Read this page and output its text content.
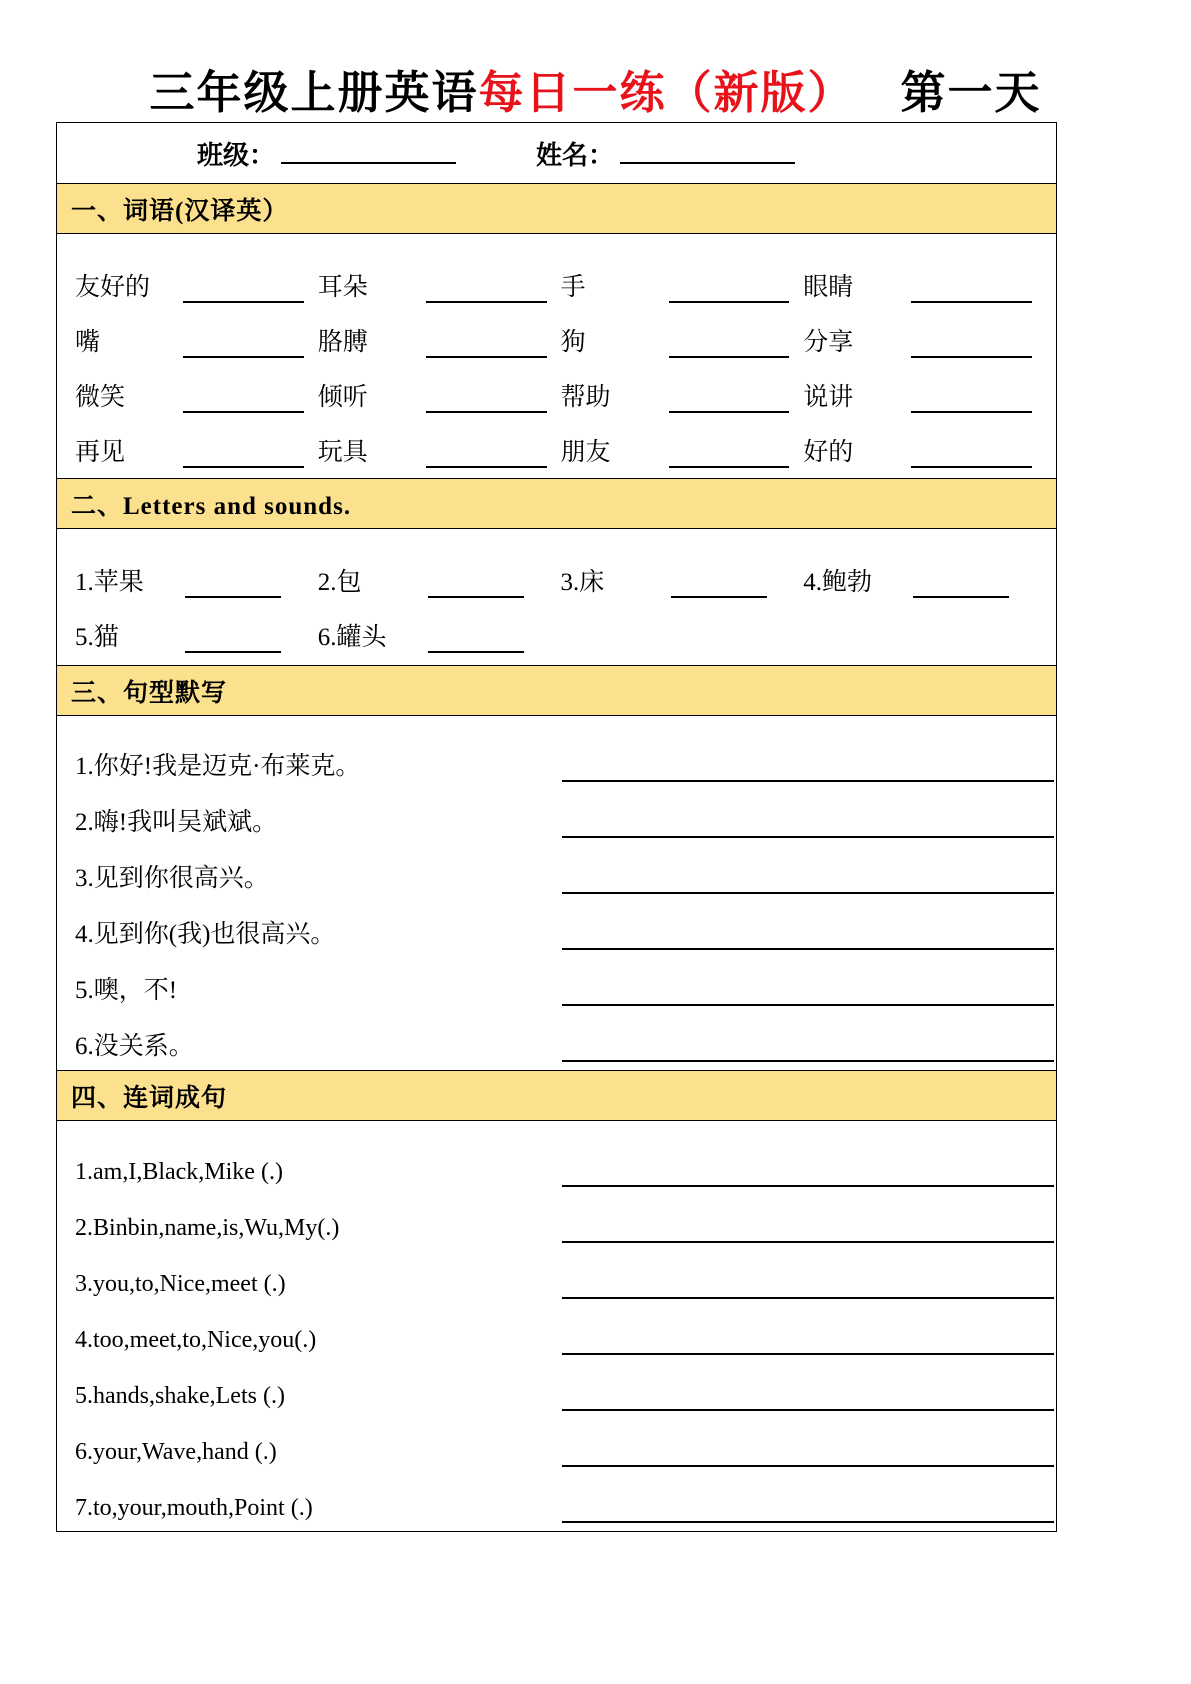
三年级上册英语每日一练（新版） 第一天
班级：	姓名：
一、词语(汉译英）
友好的	耳朵	手	眼睛
嘴	胳膊	狗	分享
微笑	倾听	帮助	说讲
再见	玩具	朋友	好的
二、Letters and sounds.
1.苹果	2.包	3.床	4.鲍勃
5.猫	6.罐头
三、句型默写
1.你好!我是迈克·布莱克。
2.嗨!我叫吴斌斌。
3.见到你很高兴。
4.见到你(我)也很高兴。
5.噢，不!
6.没关系。
四、连词成句
1.am,I,Black,Mike (.)
2.Binbin,name,is,Wu,My(.)
3.you,to,Nice,meet (.)
4.too,meet,to,Nice,you(.)
5.hands,shake,Lets (.)
6.your,Wave,hand (.)
7.to,your,mouth,Point (.)
